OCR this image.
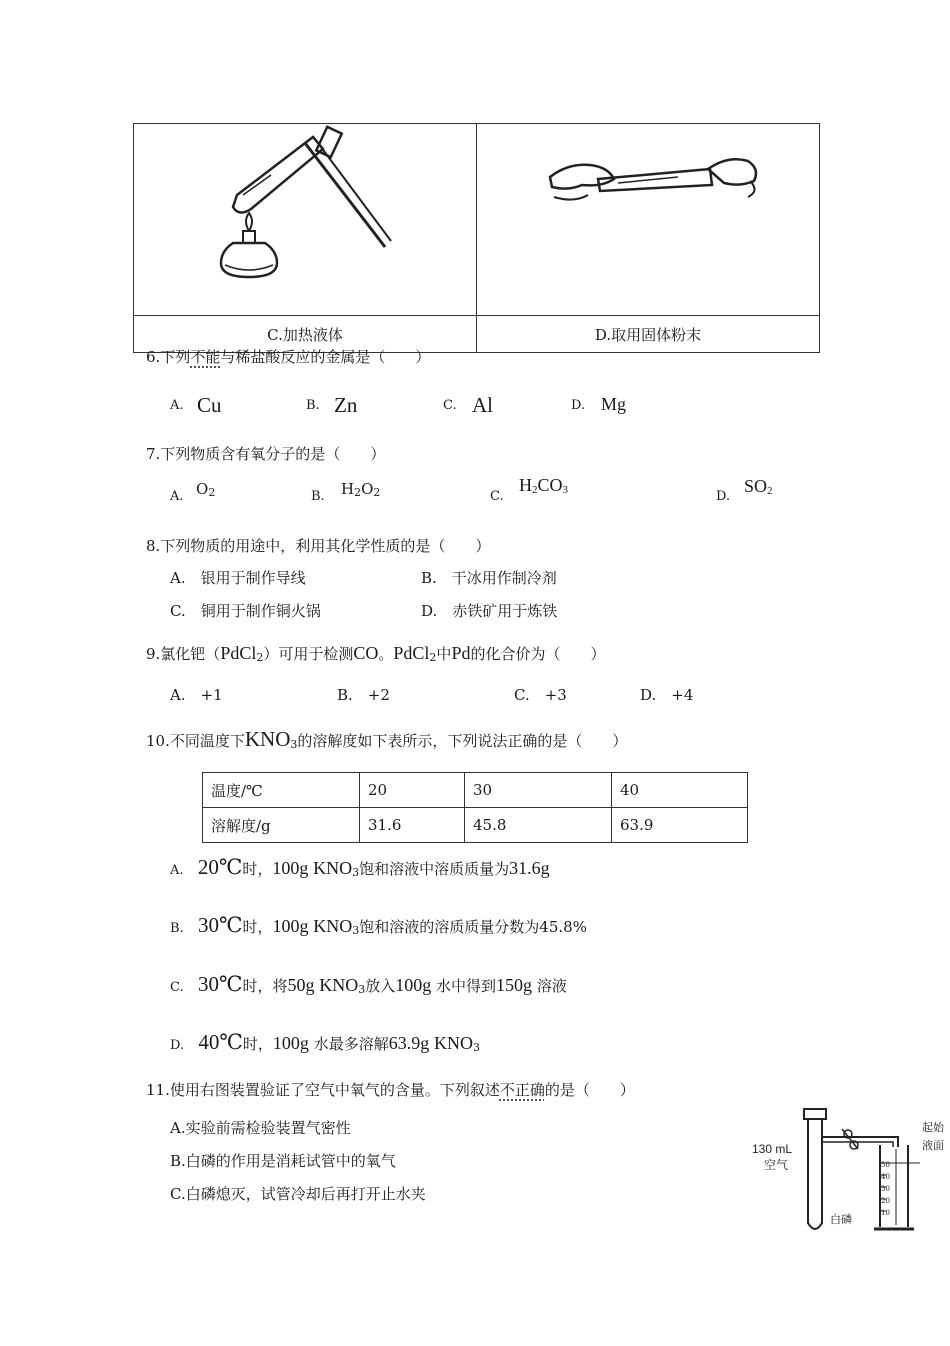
C.加热液体	D.取用固体粉末
6.下列不能与稀盐酸反应的金属是（　　）
A. Cu	B. Zn	C. Al	D. Mg
7.下列物质含有氧分子的是（　　）
A. O2	B. H2O2	C.
H2CO3	D.
SO2
8.下列物质的用途中，利用其化学性质的是（　　）
A.　银用于制作导线	B.　干冰用作制冷剂
C.　铜用于制作铜火锅	D.　赤铁矿用于炼铁
9.氯化钯（PdCl2）可用于检测CO。PdCl2中Pd的化合价为（　　）
A.　+1	B.　+2	C.　+3	D.　+4
10.不同温度下KNO3的溶解度如下表所示，下列说法正确的是（　　）
温度/℃	20	30	40
溶解度/g	31.6	45.8	63.9
A. 20℃时，100g KNO3饱和溶液中溶质质量为31.6g
B. 30℃时，100g KNO3饱和溶液的溶质质量分数为45.8%
C. 30℃时，将50g KNO3放入100g 水中得到150g 溶液
D. 40℃时，100g 水最多溶解63.9g KNO3
11.使用右图装置验证了空气中氧气的含量。下列叙述不正确的是（　　）
A.实验前需检验装置气密性
B.白磷的作用是消耗试管中的氧气
C.白磷熄灭，试管冷却后再打开止水夹
130 mL
空气
白磷
起始
液面
50
40
30
20
10
